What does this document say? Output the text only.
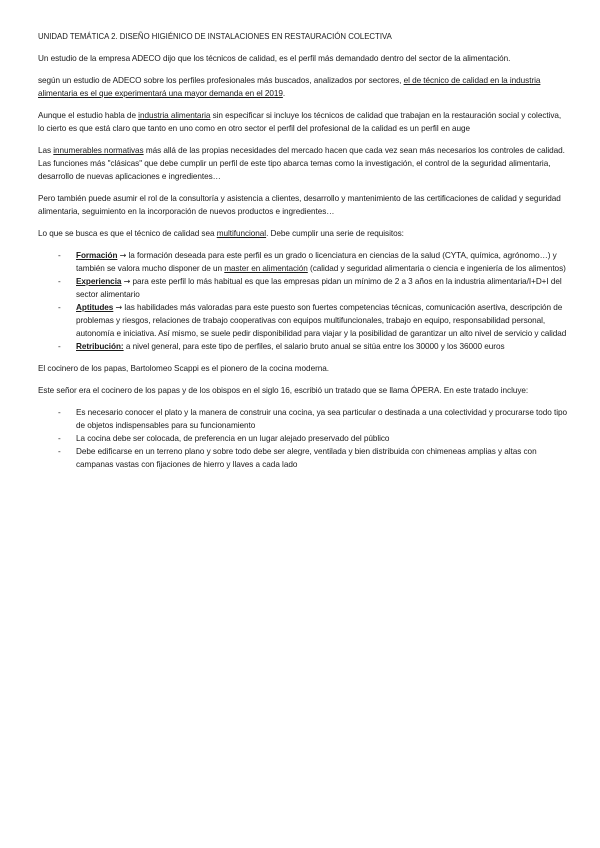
UNIDAD TEMÁTICA 2. DISEÑO HIGIÉNICO DE INSTALACIONES EN RESTAURACIÓN COLECTIVA

Un estudio de la empresa ADECO dijo que los técnicos de calidad, es el perfil más demandado dentro del sector de la alimentación.

según un estudio de ADECO sobre los perfiles profesionales más buscados, analizados por sectores, el de técnico de calidad en la industria alimentaria es el que experimentará una mayor demanda en el 2019.

Aunque el estudio habla de industria alimentaria sin especificar si incluye los técnicos de calidad que trabajan en la restauración social y colectiva, lo cierto es que está claro que tanto en uno como en otro sector el perfil del profesional de la calidad es un perfil en auge

Las innumerables normativas más allá de las propias necesidades del mercado hacen que cada vez sean más necesarios los controles de calidad. Las funciones más "clásicas" que debe cumplir un perfil de este tipo abarca temas como la investigación, el control de la seguridad alimentaria, desarrollo de nuevas aplicaciones e ingredientes…

Pero también puede asumir el rol de la consultoría y asistencia a clientes, desarrollo y mantenimiento de las certificaciones de calidad y seguridad alimentaria, seguimiento en la incorporación de nuevos productos e ingredientes…

Lo que se busca es que el técnico de calidad sea multifuncional. Debe cumplir una serie de requisitos:

- Formación → la formación deseada para este perfil es un grado o licenciatura en ciencias de la salud (CYTA, química, agrónomo…) y también se valora mucho disponer de un master en alimentación (calidad y seguridad alimentaria o ciencia e ingeniería de los alimentos)
- Experiencia → para este perfil lo más habitual es que las empresas pidan un mínimo de 2 a 3 años en la industria alimentaria/I+D+I del sector alimentario
- Aptitudes → las habilidades más valoradas para este puesto son fuertes competencias técnicas, comunicación asertiva, descripción de problemas y riesgos, relaciones de trabajo cooperativas con equipos multifuncionales, trabajo en equipo, responsabilidad personal, autonomía e iniciativa. Así mismo, se suele pedir disponibilidad para viajar y la posibilidad de garantizar un alto nivel de servicio y calidad
- Retribución: a nivel general, para este tipo de perfiles, el salario bruto anual se sitúa entre los 30000 y los 36000 euros

El cocinero de los papas, Bartolomeo Scappi es el pionero de la cocina moderna.

Este señor era el cocinero de los papas y de los obispos en el siglo 16, escribió un tratado que se llama ÓPERA. En este tratado incluye:

- Es necesario conocer el plato y la manera de construir una cocina, ya sea particular o destinada a una colectividad y procurarse todo tipo de objetos indispensables para su funcionamiento
- La cocina debe ser colocada, de preferencia en un lugar alejado preservado del público
- Debe edificarse en un terreno plano y sobre todo debe ser alegre, ventilada y bien distribuida con chimeneas amplias y altas con campanas vastas con fijaciones de hierro y llaves a cada lado
